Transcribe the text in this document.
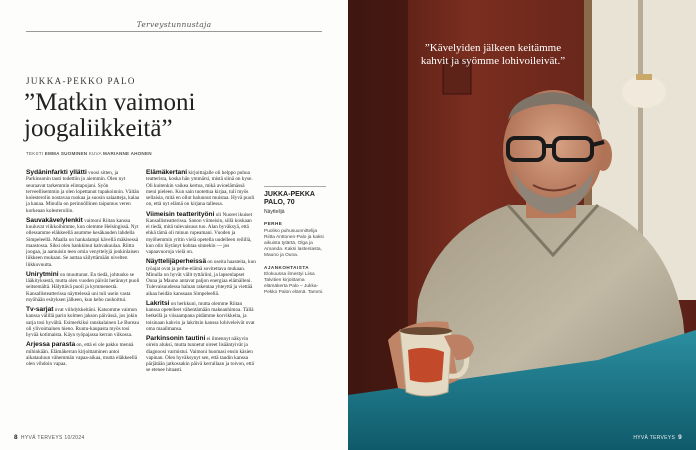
Terveystunnustaja
JUKKA-PEKKO PALO
”Matkin vaimoni joogaliikkeitä”
TEKSTI EMMA SUOMINEN KUVA MARIANNE AHONEN

Sydäninfarkti yllätti vuosi sitten, ja Parkinsonin tauti todettiin jo aiemmin. Olen nyt seuraavat tarkemmin elintapojani. Syön terveellisemmin ja olen lopettanut tupakoinnin. Väitän kolesterolin nostavaa ruokaa ja suosin salaatteja, kalaa ja kanaa. Minulla on perinnöllinen taipumus veren korkeaan kolesteroliin.

Sauvakävelylenkit vaimoni Riitan kanssa kuuluvat viikkoihimme, kun olemme Helsingissä. Nyt ollessamme eläkkeellä asumme kesäkauden lahdella Simpeleellä. Maalla on hankalampi kävellä mäkisessä maastossa. Siksi olen hankkinut kahvakuulaa. Riitta joogaa, ja aamuisin teen omia venyttelyjä jonkinlaisen liikkeen mukaan. Se auttaa säilyttämään nivelten liikkuvuutta.

Unirytmini on muuttunut. En tiedä, johtuuko se lääkityksestä, mutta olen vuoden päivät herännyt puoli seitsemältä. Hälyttävä puoli ja kymmenestä. Kansallisteatterissa näyttelessä uni tuli usein vasta myöhään esityksen jälkeen, kun keho rauhoittui.

Tv-sarjat ovat viihdykkeitäni. Katsomme vaimon kanssa välillä parin kolmen jakson päivässä, jos jokin sarja tosi hyvältä. Esimerkiksi ranskalainen Le Bureau oli ylivoimainen hieno. Ruutu-kaupasta myös tosi hyvää kotimaista. Käyn työpajassa kerran viikossa.

Arjessa parasta on, että ei ole pakko mennä mihinkään. Elämäkerran kirjoittaminen antoi aikatauluun vähemmän vapaa-aikaa, mutta eläkkeellä olen vihdoin vapaa.

Elämäkertani kirjoittajalle oli helppo puhua teatterista, koska hän ymmärsi, mistä siinä on kyse. Oli kuitenkin vaikea kertoa, mikä avioelämässä meni pieleen. Kun sain tuotettua kirjaa, tuli myös sellaisia, mitä en ollut halunnut muistaa. Hyvä puoli on, että nyt elämä on kirjana tallessa.

Viimeisin teatterityöni oli Nuoret ikuiset Kansallisteatterissa. Sanon viimeisin, sillä koskaan ei tiedä, mitä tulevaisuus tuo. Alan byväksyä, että ehkä tämä oli minun rupeamani. Vuoden ja myöhemmin yritin vielä opetella uudelleen reilillä, kun olin löytänyt kohtaa sinnekin — jos vapaavuoroja vielä on.

Näyttelijäperheissä on useita haasteita, kun työajat ovat ja perhe-elämä sovitettava mukaan. Minulla on hyvät välit tyttäriini, ja lapsenlapset Ouna ja Mauno antavat paljon energiaa elämälleni. Tulevaisuudessa haluan rakentaa yhteyttä ja viettää aikaa heidän kanssaan Simpeleellä.

Lakritsi on herkkuni, mutta olemme Riitan kanssa opetelleet vähentämään makeanhimoa. Tällä hetkellä ja viisaampana pidämme korvikkeita, ja toisinaan kahvin ja lakritsin kanssa lohiveleivät ovat oma maailmansa.

Parkinsonin tautini ei ilmennyt näkyvin oirein aluksi, mutta tunnetut oireet lisääntyivät ja diagnoosi varmistui. Vaimoni huomasi ensin käsien vapinan. Olen hyväksynyt sen, että taudin kanssa pärjätään jatkossakin päivä kerrallaan ja toivon, että se etenee hitaasti.

JUKKA-PEKKA PALO, 70
Näyttelijä
PERHE
Puoliso puhusuunnittelija Riitta Anttonen-Palo ja kaksi aikuista tytärtä, Olga ja Amanda. Kaksi lastenlasta, Mauno ja Ouna.
AJANKOHTAISTA
Elokuussa ilmestyi Liisa Talvitien kirjoittama elämäkerta Palo – Jukka-Pekko Palon elämä. Tammi.
8 HYVÄ TERVEYS 10/2024	HYVÄ TERVEYS 9
”Kävelyiden jälkeen keitämme kahvit ja syömme lohivoileivät.”
